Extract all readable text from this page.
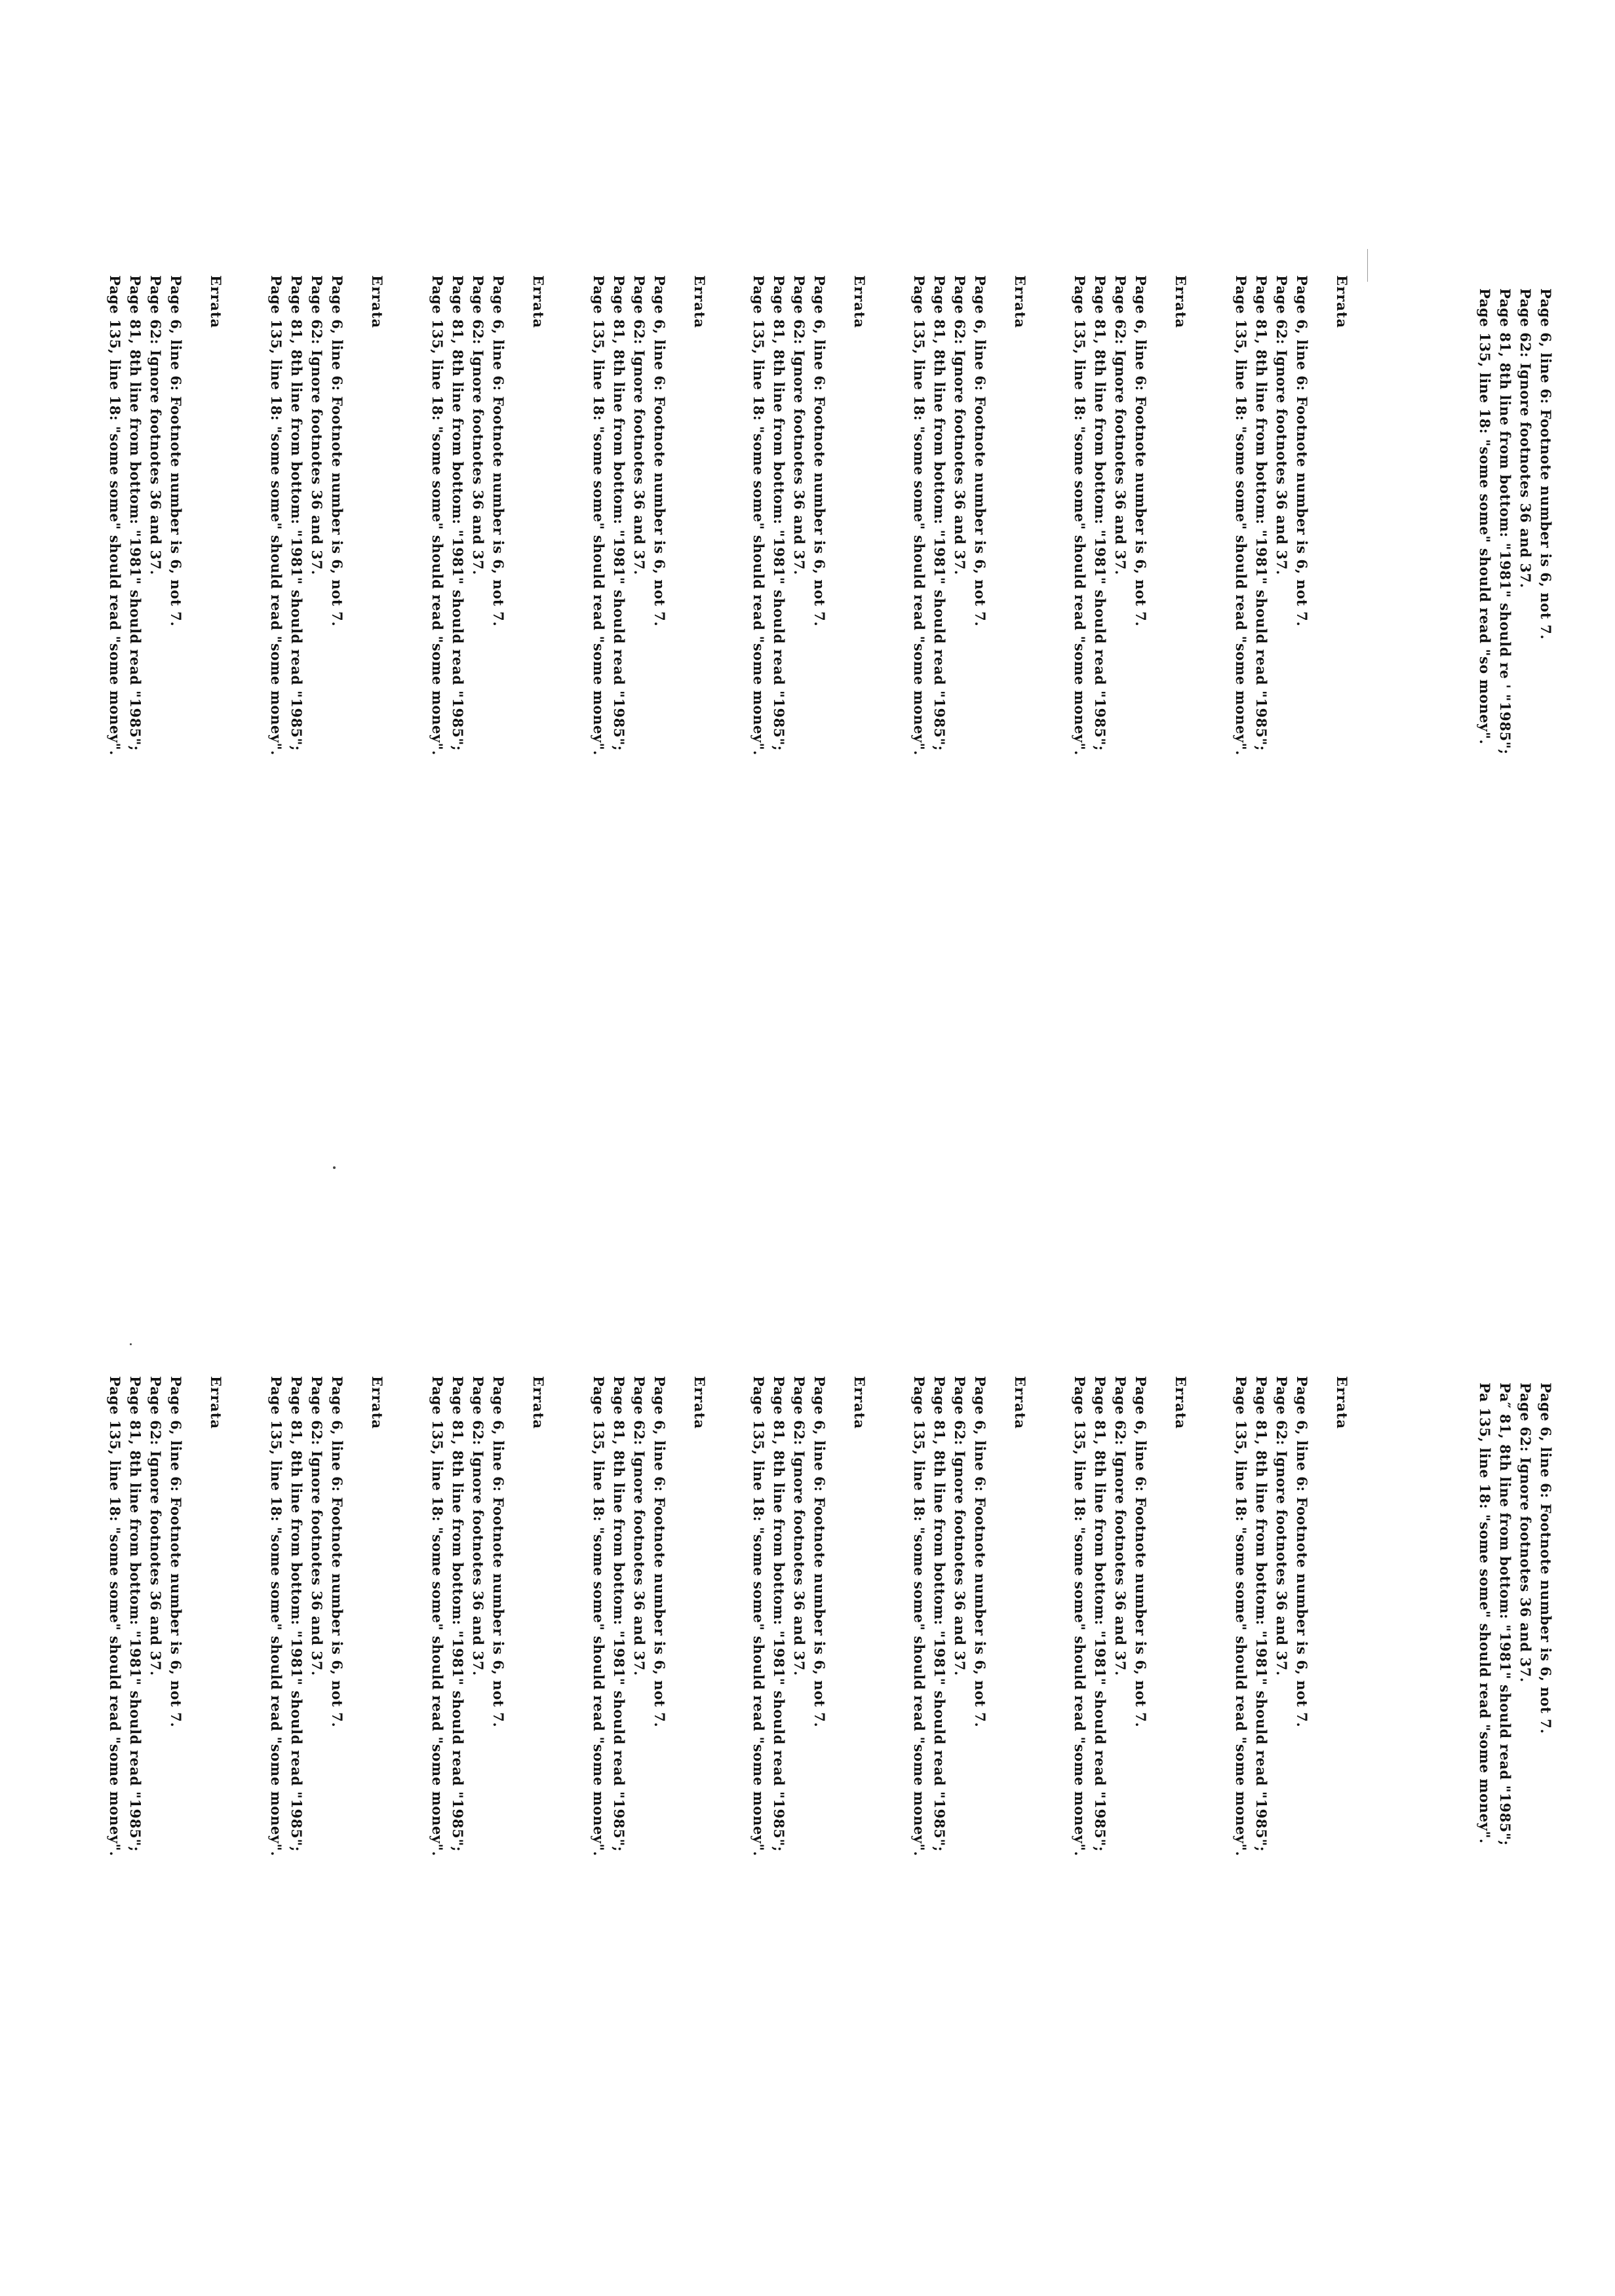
Page 6, line 6: Footnote number is 6, not 7.
Page 62: Ignore footnotes 36 and 37.
Page 81, 8th line from bottom: "1981" should re ' "1985";
Page 135, line 18: "some some" should read "so money".
Errata
Page 6, line 6: Footnote number is 6, not 7.
Page 62: Ignore footnotes 36 and 37.
Page 81, 8th line from bottom: "1981" should read "1985";
Page 135, line 18: "some some" should read "some money".
Errata
Page 6, line 6: Footnote number is 6, not 7.
Page 62: Ignore footnotes 36 and 37.
Page 81, 8th line from bottom: "1981" should read "1985";
Page 135, line 18: "some some" should read "some money".
Errata
Page 6, line 6: Footnote number is 6, not 7.
Page 62: Ignore footnotes 36 and 37.
Page 81, 8th line from bottom: "1981" should read "1985";
Page 135, line 18: "some some" should read "some money".
Errata
Page 6, line 6: Footnote number is 6, not 7.
Page 62: Ignore footnotes 36 and 37.
Page 81, 8th line from bottom: "1981" should read "1985";
Page 135, line 18: "some some" should read "some money".
Errata
Page 6, line 6: Footnote number is 6, not 7.
Page 62: Ignore footnotes 36 and 37.
Page 81, 8th line from bottom: "1981" should read "1985";
Page 135, line 18: "some some" should read "some money".
Errata
Page 6, line 6: Footnote number is 6, not 7.
Page 62: Ignore footnotes 36 and 37.
Page 81, 8th line from bottom: "1981" should read "1985";
Page 135, line 18: "some some" should read "some money".
Errata
Page 6, line 6: Footnote number is 6, not 7.
Page 62: Ignore footnotes 36 and 37.
Page 81, 8th line from bottom: "1981" should read "1985";
Page 135, line 18: "some some" should read "some money".
Errata
Page 6, line 6: Footnote number is 6, not 7.
Page 62: Ignore footnotes 36 and 37.
Page 81, 8th line from bottom: "1981" should read "1985";
Page 135, line 18: "some some" should read "some money".
Page 6, line 6: Footnote number is 6, not 7.
Page 62: Ignore footnotes 36 and 37.
Pa″ 81, 8th line from bottom: "1981" should read "1985";
Pa 135, line 18: "some some" should read "some money".
Errata
Page 6, line 6: Footnote number is 6, not 7.
Page 62: Ignore footnotes 36 and 37.
Page 81, 8th line from bottom: "1981" should read "1985";
Page 135, line 18: "some some" should read "some money".
Errata
Page 6, line 6: Footnote number is 6, not 7.
Page 62: Ignore footnotes 36 and 37.
Page 81, 8th line from bottom: "1981" should read "1985";
Page 135, line 18: "some some" should read "some money".
Errata
Page 6, line 6: Footnote number is 6, not 7.
Page 62: Ignore footnotes 36 and 37.
Page 81, 8th line from bottom: "1981" should read "1985";
Page 135, line 18: "some some" should read "some money".
Errata
Page 6, line 6: Footnote number is 6, not 7.
Page 62: Ignore footnotes 36 and 37.
Page 81, 8th line from bottom: "1981" should read "1985";
Page 135, line 18: "some some" should read "some money".
Errata
Page 6, line 6: Footnote number is 6, not 7.
Page 62: Ignore footnotes 36 and 37.
Page 81, 8th line from bottom: "1981" should read "1985";
Page 135, line 18: "some some" should read "some money".
Errata
Page 6, line 6: Footnote number is 6, not 7.
Page 62: Ignore footnotes 36 and 37.
Page 81, 8th line from bottom: "1981" should read "1985";
Page 135, line 18: "some some" should read "some money".
Errata
Page 6, line 6: Footnote number is 6, not 7.
Page 62: Ignore footnotes 36 and 37.
Page 81, 8th line from bottom: "1981" should read "1985";
Page 135, line 18: "some some" should read "some money".
Errata
Page 6, line 6: Footnote number is 6, not 7.
Page 62: Ignore footnotes 36 and 37.
Page 81, 8th line from bottom: "1981" should read "1985";
Page 135, line 18: "some some" should read "some money".
